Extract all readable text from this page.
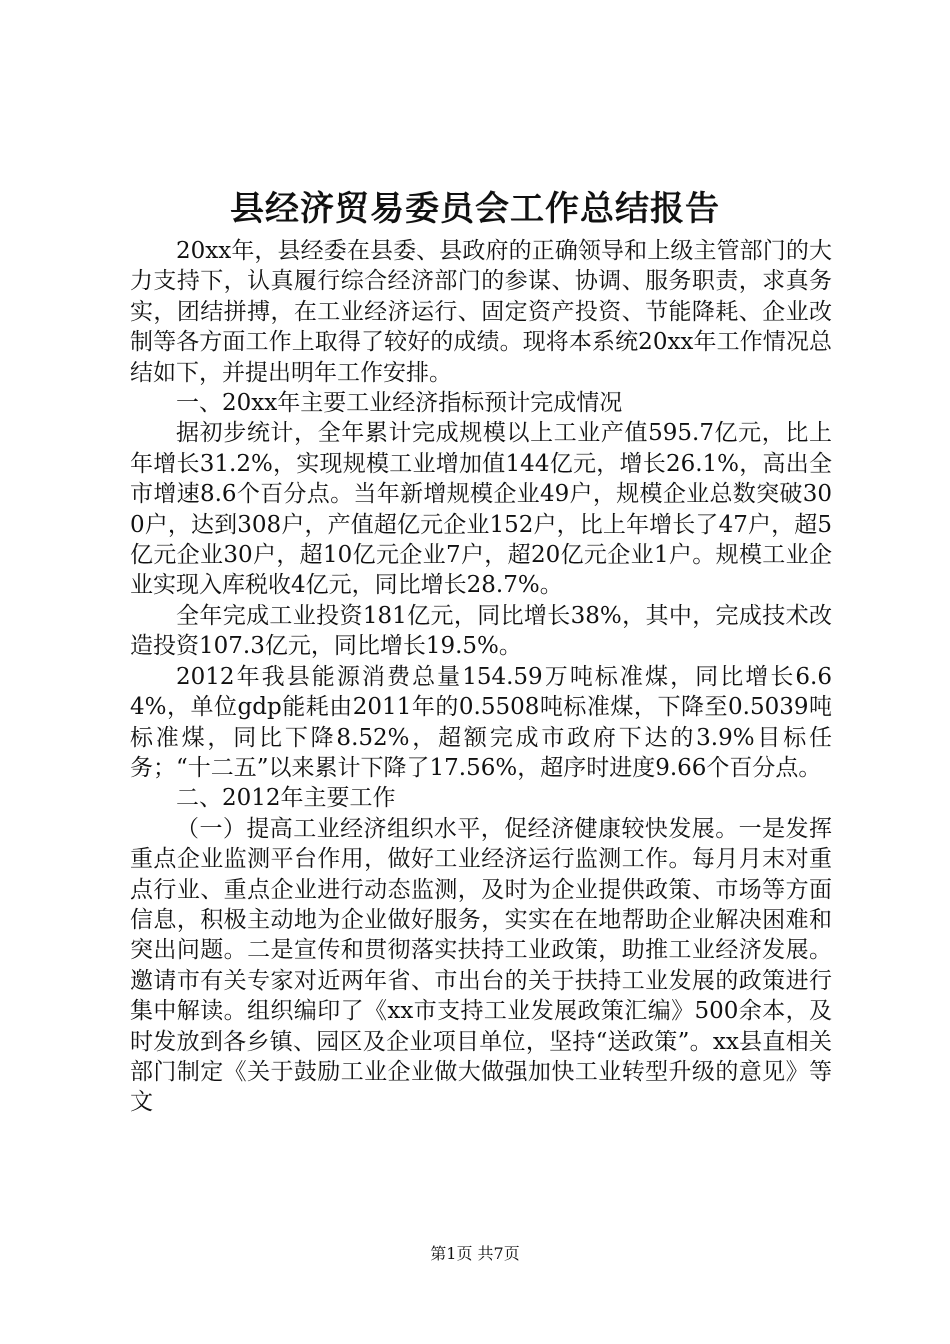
县经济贸易委员会工作总结报告

20xx年，县经委在县委、县政府的正确领导和上级主管部门的大力支持下，认真履行综合经济部门的参谋、协调、服务职责，求真务实，团结拼搏，在工业经济运行、固定资产投资、节能降耗、企业改制等各方面工作上取得了较好的成绩。现将本系统20xx年工作情况总结如下，并提出明年工作安排。

一、20xx年主要工业经济指标预计完成情况

据初步统计，全年累计完成规模以上工业产值595.7亿元，比上年增长31.2%，实现规模工业增加值144亿元，增长26.1%，高出全市增速8.6个百分点。当年新增规模企业49户，规模企业总数突破300户，达到308户，产值超亿元企业152户，比上年增长了47户，超5亿元企业30户，超10亿元企业7户，超20亿元企业1户。规模工业企业实现入库税收4亿元，同比增长28.7%。

全年完成工业投资181亿元，同比增长38%，其中，完成技术改造投资107.3亿元，同比增长19.5%。

2012年我县能源消费总量154.59万吨标准煤，同比增长6.64%，单位gdp能耗由2011年的0.5508吨标准煤，下降至0.5039吨标准煤，同比下降8.52%，超额完成市政府下达的3.9%目标任务；“十二五”以来累计下降了17.56%，超序时进度9.66个百分点。

二、2012年主要工作

（一）提高工业经济组织水平，促经济健康较快发展。一是发挥重点企业监测平台作用，做好工业经济运行监测工作。每月月末对重点行业、重点企业进行动态监测，及时为企业提供政策、市场等方面信息，积极主动地为企业做好服务，实实在在地帮助企业解决困难和突出问题。二是宣传和贯彻落实扶持工业政策，助推工业经济发展。邀请市有关专家对近两年省、市出台的关于扶持工业发展的政策进行集中解读。组织编印了《xx市支持工业发展政策汇编》500余本，及时发放到各乡镇、园区及企业项目单位，坚持“送政策”。xx县直相关部门制定《关于鼓励工业企业做大做强加快工业转型升级的意见》等文

第1页 共7页
